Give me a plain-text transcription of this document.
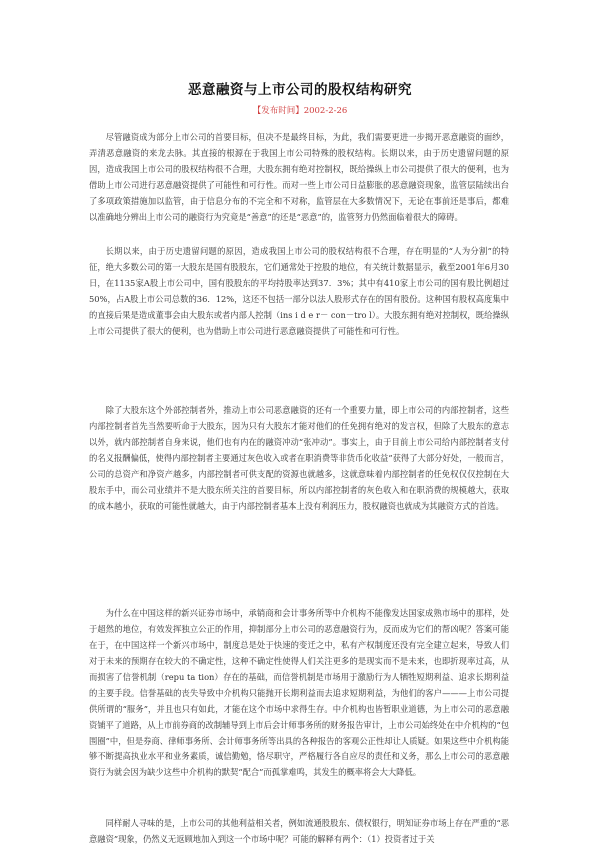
恶意融资与上市公司的股权结构研究
【发布时间】2002-2-26

尽管融资成为部分上市公司的首要目标，但决不是最终目标，为此，我们需要更进一步揭开恶意融资的面纱，弄清恶意融资的来龙去脉。其直接的根源在于我国上市公司特殊的股权结构。长期以来，由于历史遗留问题的原因，造成我国上市公司的股权结构很不合理，大股东拥有绝对控制权，既给操纵上市公司提供了很大的便利，也为借助上市公司进行恶意融资提供了可能性和可行性。而对一些上市公司日益膨胀的恶意融资现象，监管层陆续出台了多项政策措施加以监管，由于信息分布的不完全和不对称，监管层在大多数情况下，无论在事前还是事后，都难以准确地分辨出上市公司的融资行为究竟是“善意”的还是“恶意”的，监管努力仍然面临着很大的障碍。

长期以来，由于历史遗留问题的原因，造成我国上市公司的股权结构很不合理，存在明显的“人为分割”的特征，绝大多数公司的第一大股东是国有股股东，它们通常处于控股的地位，有关统计数据显示，截至2001年6月30日，在1135家A股上市公司中，国有股股东的平均持股率达到37．3%；其中有410家上市公司的国有股比例超过50%，占A股上市公司总数的36．12%，这还不包括一部分以法人股形式存在的国有股份。这种国有股权高度集中的直接后果是造成董事会由大股东或者内部人控制（ins i d e r－ con－tro l）。大股东拥有绝对控制权，既给操纵上市公司提供了很大的便利，也为借助上市公司进行恶意融资提供了可能性和可行性。

除了大股东这个外部控制者外，推动上市公司恶意融资的还有一个重要力量，即上市公司的内部控制者，这些内部控制者首先当然要听命于大股东，因为只有大股东才能对他们的任免拥有绝对的发言权，但除了大股东的意志以外，就内部控制者自身来说，他们也有内在的融资冲动“张冲动”。事实上，由于目前上市公司给内部控制者支付的名义报酬偏低，使得内部控制者主要通过灰色收入或者在职消费等非货币化收益”获得了大部分好处，一般而言，公司的总资产和净资产越多，内部控制者可供支配的资源也就越多，这就意味着内部控制者的任免权仅仅控制在大股东手中，而公司业绩并不是大股东所关注的首要目标，所以内部控制者的灰色收入和在职消费的规模越大，获取的成本越小，获取的可能性就越大，由于内部控制者基本上没有利润压力，股权融资也就成为其融资方式的首选。

为什么在中国这样的新兴证券市场中，承销商和会计事务所等中介机构不能像发达国家成熟市场中的那样，处于超然的地位，有效发挥独立公正的作用，抑制部分上市公司的恶意融资行为，反而成为它们的帮凶呢？答案可能在于，在中国这样一个新兴市场中，制度总是处于快速的变迁之中，私有产权制度还没有完全建立起来，导致人们对于未来的预期存在较大的不确定性，这种不确定性使得人们关注更多的是现实而不是未来，也即折现率过高，从而损害了信誉机制（repu ta tion）存在的基础，而信誉机制是市场用于激励行为人牺牲短期利益、追求长期利益的主要手段。信誉基础的丧失导致中介机构只能抛开长期利益而去追求短期利益，为他们的客户———上市公司提供所谓的“服务”，并且也只有如此，才能在这个市场中求得生存。中介机构也皆暂职业道德，为上市公司的恶意融资铺平了道路，从上市前券商的改制辅导到上市后会计师事务所的财务报告审计，上市公司始终处在中介机构的“包围圈”中，但是券商、律师事务所、会计师事务所等出具的各种报告的客观公正性却让人质疑。如果这些中介机构能够不断提高执业水平和业务素质，诚信勤勉，恪尽职守，严格履行各自应尽的责任和义务，那么上市公司的恶意融资行为就会因为缺少这些中介机构的默契“配合”而孤掌难鸣，其发生的概率将会大大降低。

同样耐人寻味的是，上市公司的其他利益相关者，例如流通股股东、债权银行，明知证券市场上存在严重的“恶意融资”现象，仍然义无返顾地加入到这一个市场中呢？可能的解释有两个：（1）投资者过于关
